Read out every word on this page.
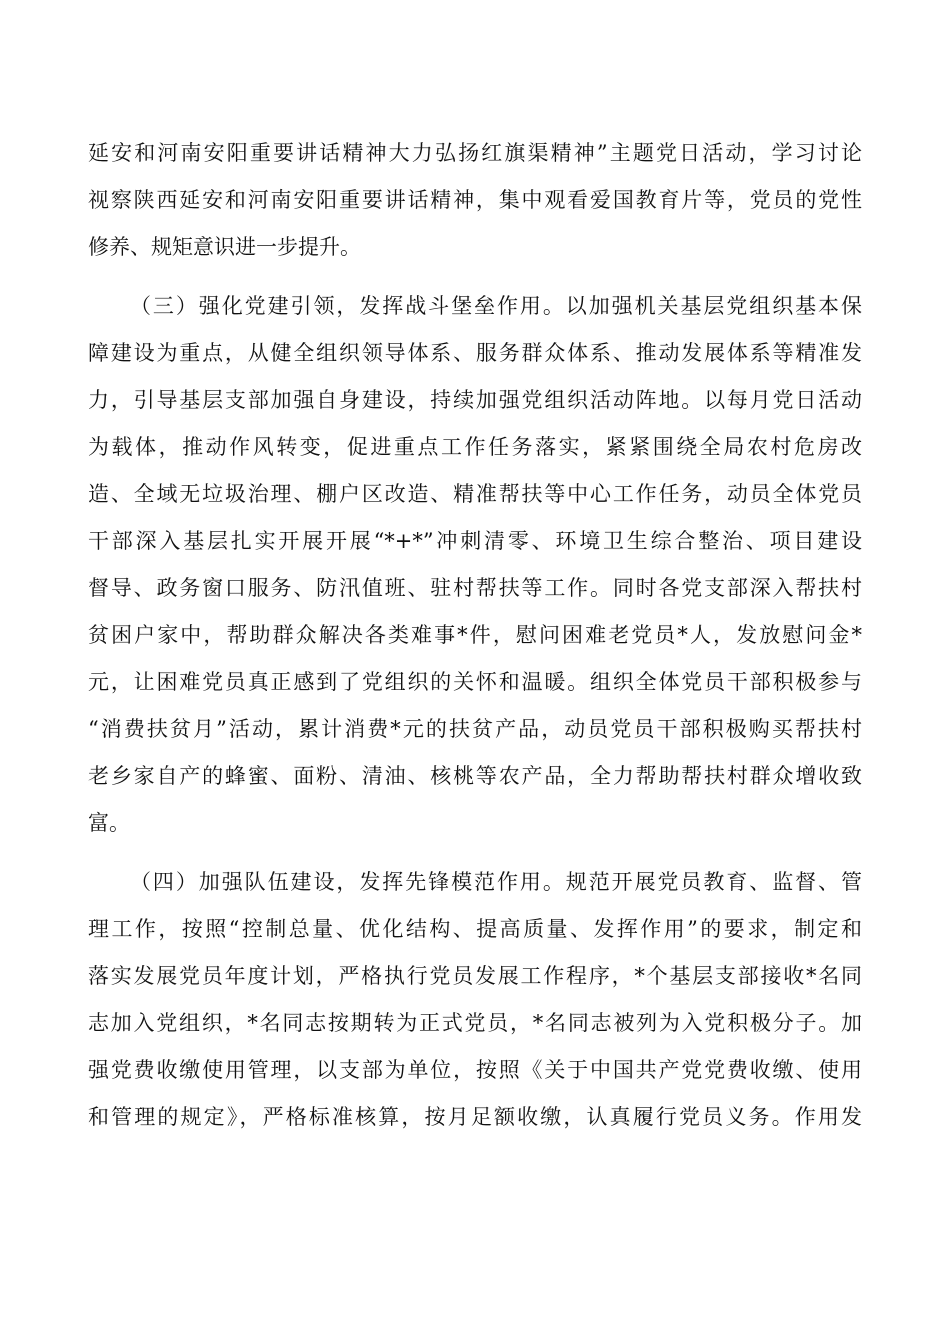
延安和河南安阳重要讲话精神大力弘扬红旗渠精神”主题党日活动，学习讨论
视察陕西延安和河南安阳重要讲话精神，集中观看爱国教育片等，党员的党性
修养、规矩意识进一步提升。
（三）强化党建引领，发挥战斗堡垒作用。以加强机关基层党组织基本保
障建设为重点，从健全组织领导体系、服务群众体系、推动发展体系等精准发
力，引导基层支部加强自身建设，持续加强党组织活动阵地。以每月党日活动
为载体，推动作风转变，促进重点工作任务落实，紧紧围绕全局农村危房改
造、全域无垃圾治理、棚户区改造、精准帮扶等中心工作任务，动员全体党员
干部深入基层扎实开展开展“*+*”冲刺清零、环境卫生综合整治、项目建设
督导、政务窗口服务、防汛值班、驻村帮扶等工作。同时各党支部深入帮扶村
贫困户家中，帮助群众解决各类难事*件，慰问困难老党员*人，发放慰问金*
元，让困难党员真正感到了党组织的关怀和温暖。组织全体党员干部积极参与
“消费扶贫月”活动，累计消费*元的扶贫产品，动员党员干部积极购买帮扶村
老乡家自产的蜂蜜、面粉、清油、核桃等农产品，全力帮助帮扶村群众增收致
富。
（四）加强队伍建设，发挥先锋模范作用。规范开展党员教育、监督、管
理工作，按照“控制总量、优化结构、提高质量、发挥作用”的要求，制定和
落实发展党员年度计划，严格执行党员发展工作程序，*个基层支部接收*名同
志加入党组织，*名同志按期转为正式党员，*名同志被列为入党积极分子。加
强党费收缴使用管理，以支部为单位，按照《关于中国共产党党费收缴、使用
和管理的规定》，严格标准核算，按月足额收缴，认真履行党员义务。作用发
